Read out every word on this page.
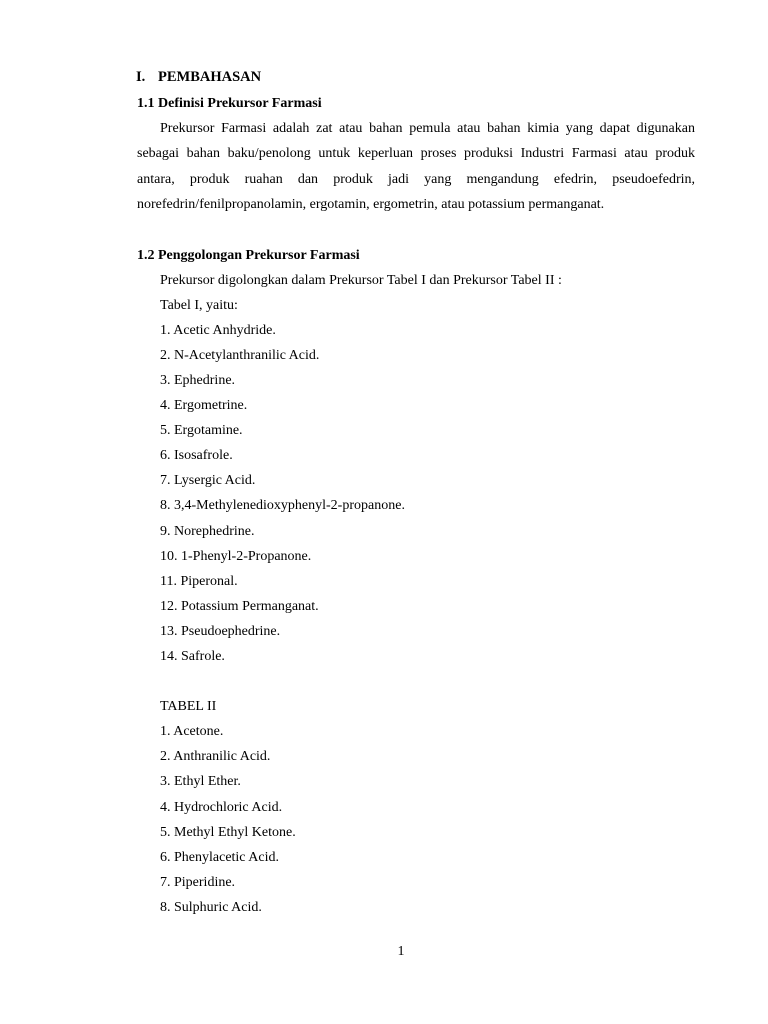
I. PEMBAHASAN
1.1 Definisi Prekursor Farmasi

Prekursor Farmasi adalah zat atau bahan pemula atau bahan kimia yang dapat digunakan sebagai bahan baku/penolong untuk keperluan proses produksi Industri Farmasi atau produk antara, produk ruahan dan produk jadi yang mengandung efedrin, pseudoefedrin, norefedrin/fenilpropanolamin, ergotamin, ergometrin, atau potassium permanganat.

1.2 Penggolongan Prekursor Farmasi
Prekursor digolongkan dalam Prekursor Tabel I dan Prekursor Tabel II :
Tabel I, yaitu:
1. Acetic Anhydride.
2. N-Acetylanthranilic Acid.
3. Ephedrine.
4. Ergometrine.
5. Ergotamine.
6. Isosafrole.
7. Lysergic Acid.
8. 3,4-Methylenedioxyphenyl-2-propanone.
9. Norephedrine.
10. 1-Phenyl-2-Propanone.
11. Piperonal.
12. Potassium Permanganat.
13. Pseudoephedrine.
14. Safrole.
TABEL II
1. Acetone.
2. Anthranilic Acid.
3. Ethyl Ether.
4. Hydrochloric Acid.
5. Methyl Ethyl Ketone.
6. Phenylacetic Acid.
7. Piperidine.
8. Sulphuric Acid.
1
